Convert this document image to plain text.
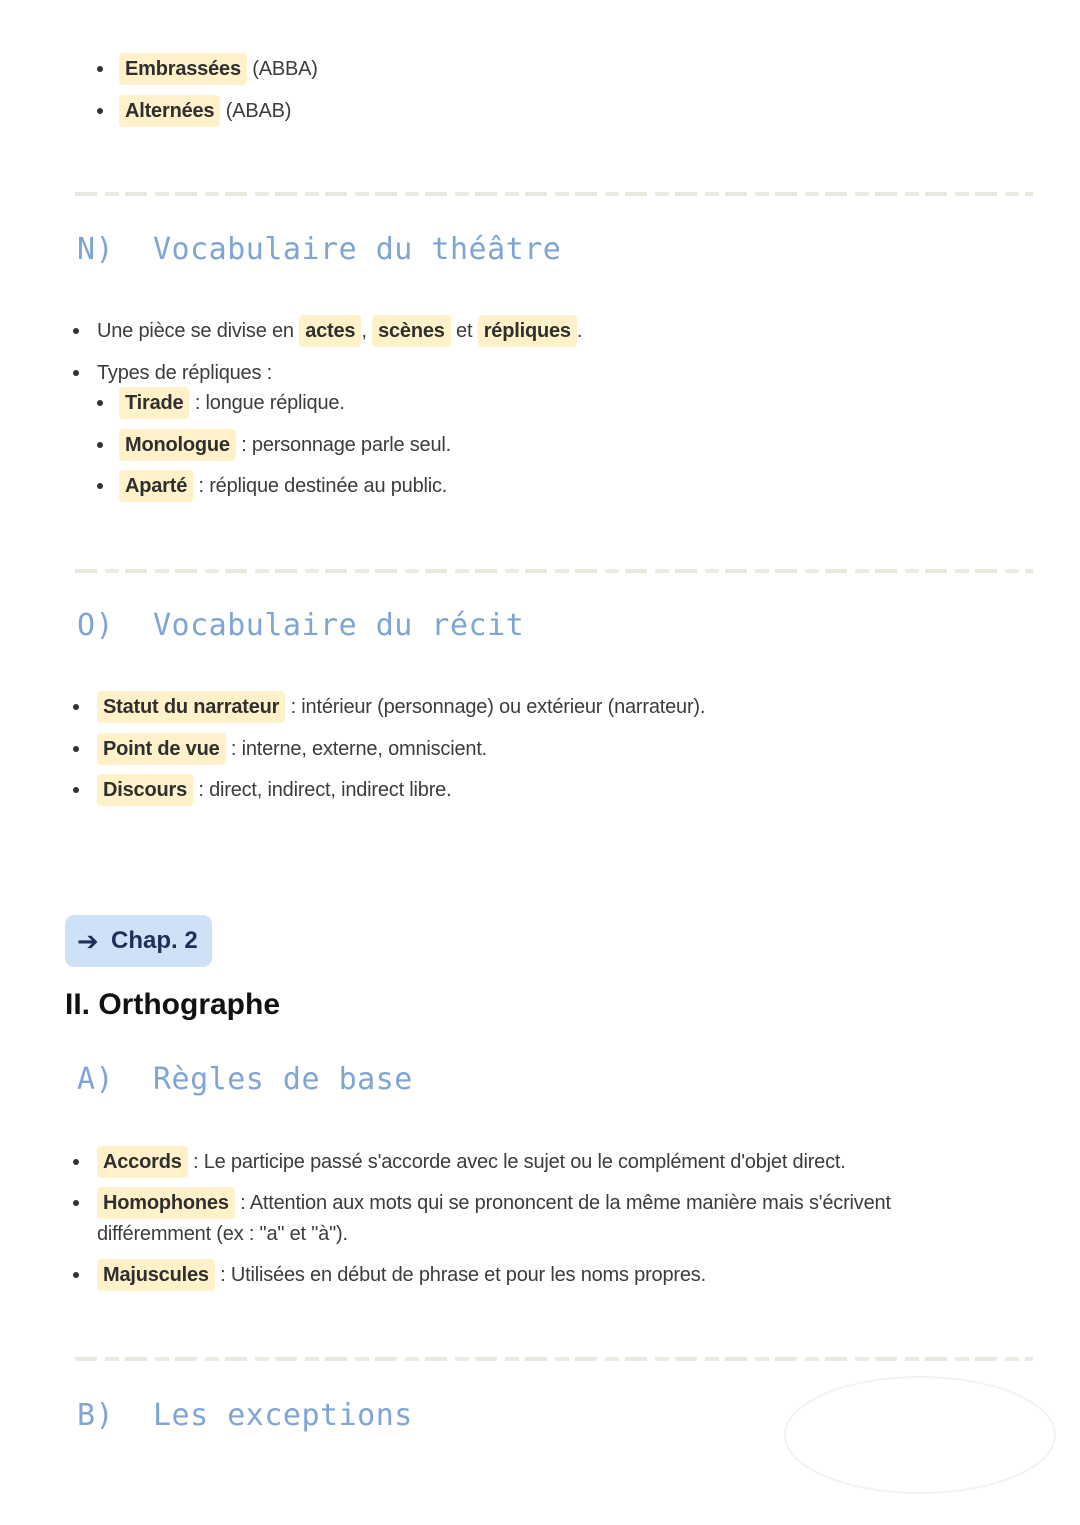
Embrassées (ABBA)
Alternées (ABAB)
N) Vocabulaire du théâtre
Une pièce se divise en actes , scènes et répliques .
Types de répliques :
Tirade : longue réplique.
Monologue : personnage parle seul.
Aparté : réplique destinée au public.
O) Vocabulaire du récit
Statut du narrateur : intérieur (personnage) ou extérieur (narrateur).
Point de vue : interne, externe, omniscient.
Discours : direct, indirect, indirect libre.
➔ Chap. 2
II. Orthographe
A) Règles de base
Accords : Le participe passé s'accorde avec le sujet ou le complément d'objet direct.
Homophones : Attention aux mots qui se prononcent de la même manière mais s'écrivent
différemment (ex : "a" et "à").
Majuscules : Utilisées en début de phrase et pour les noms propres.
B) Les exceptions
